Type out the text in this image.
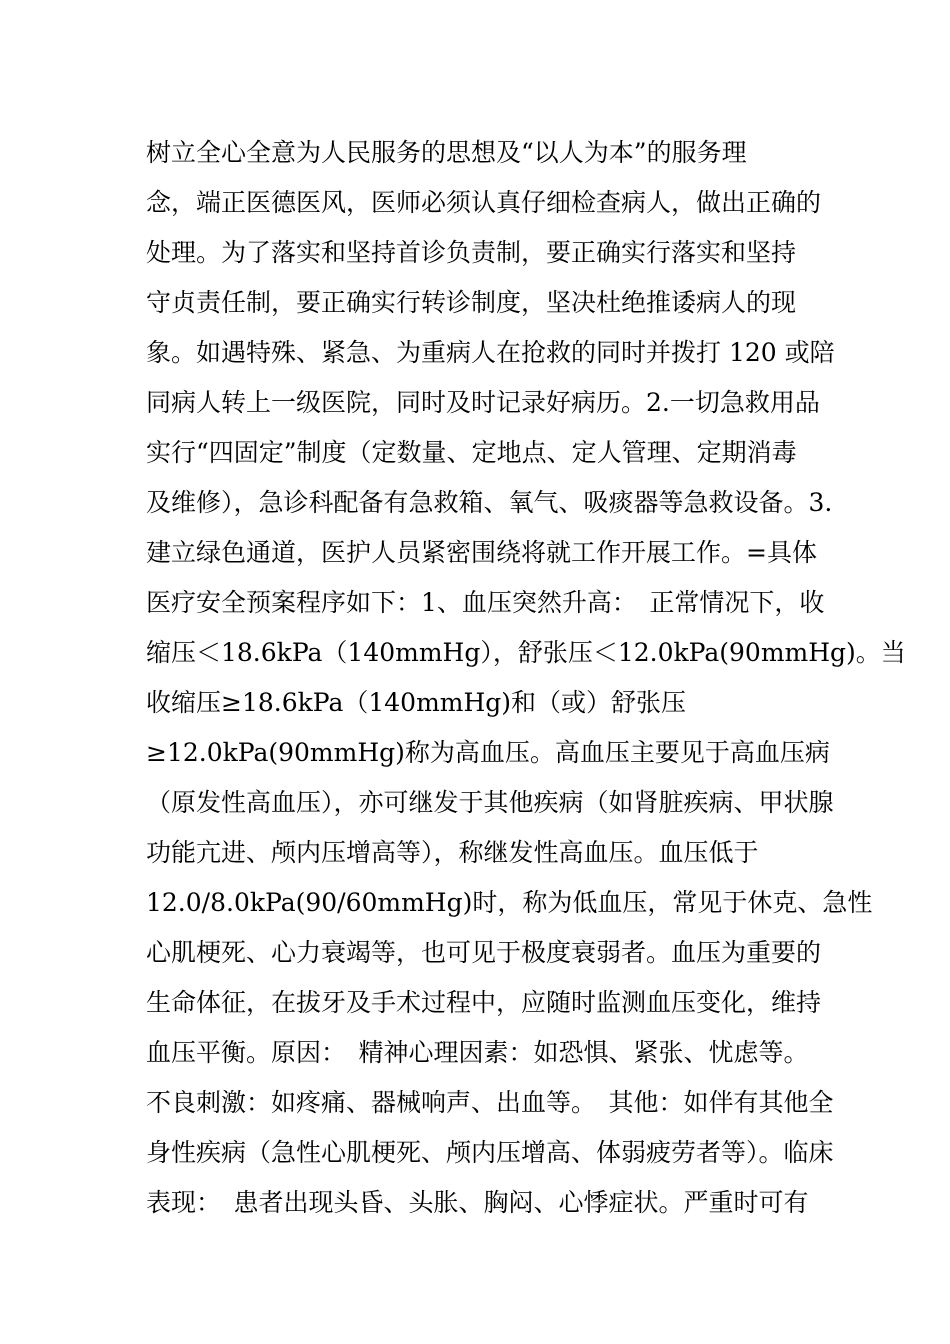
树立全心全意为人民服务的思想及“以人为本”的服务理
念，端正医德医风，医师必须认真仔细检查病人，做出正确的
处理。为了落实和坚持首诊负责制，要正确实行落实和坚持
守贞责任制，要正确实行转诊制度，坚决杜绝推诿病人的现
象。如遇特殊、紧急、为重病人在抢救的同时并拨打 120 或陪
同病人转上一级医院，同时及时记录好病历。2.一切急救用品
实行“四固定”制度（定数量、定地点、定人管理、定期消毒
及维修），急诊科配备有急救箱、氧气、吸痰器等急救设备。3.
建立绿色通道，医护人员紧密围绕将就工作开展工作。=具体
医疗安全预案程序如下：1、血压突然升高：　正常情况下，收
缩压＜18.6kPa（140mmHg），舒张压＜12.0kPa(90mmHg)。当
收缩压≥18.6kPa（140mmHg)和（或）舒张压
≥12.0kPa(90mmHg)称为高血压。高血压主要见于高血压病
（原发性高血压），亦可继发于其他疾病（如肾脏疾病、甲状腺
功能亢进、颅内压增高等），称继发性高血压。血压低于
12.0/8.0kPa(90/60mmHg)时，称为低血压，常见于休克、急性
心肌梗死、心力衰竭等，也可见于极度衰弱者。血压为重要的
生命体征，在拔牙及手术过程中，应随时监测血压变化，维持
血压平衡。原因：　精神心理因素：如恐惧、紧张、忧虑等。
不良刺激：如疼痛、器械响声、出血等。　其他：如伴有其他全
身性疾病（急性心肌梗死、颅内压增高、体弱疲劳者等）。临床
表现：　患者出现头昏、头胀、胸闷、心悸症状。严重时可有
